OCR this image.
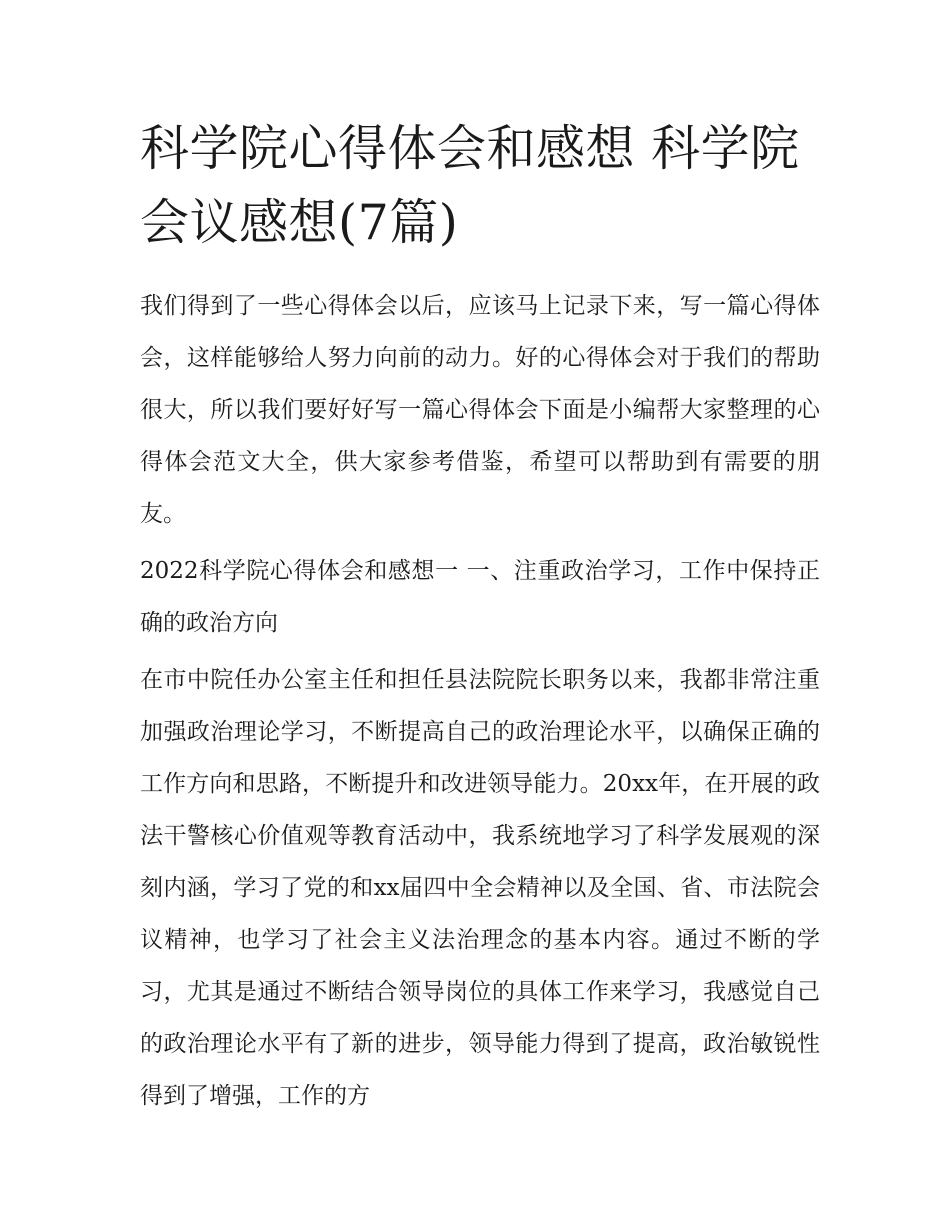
科学院心得体会和感想 科学院会议感想(7篇)

我们得到了一些心得体会以后，应该马上记录下来，写一篇心得体会，这样能够给人努力向前的动力。好的心得体会对于我们的帮助很大，所以我们要好好写一篇心得体会下面是小编帮大家整理的心得体会范文大全，供大家参考借鉴，希望可以帮助到有需要的朋友。

2022科学院心得体会和感想一 一、注重政治学习，工作中保持正确的政治方向

在市中院任办公室主任和担任县法院院长职务以来，我都非常注重加强政治理论学习，不断提高自己的政治理论水平，以确保正确的工作方向和思路，不断提升和改进领导能力。20xx年，在开展的政法干警核心价值观等教育活动中，我系统地学习了科学发展观的深刻内涵，学习了党的和xx届四中全会精神以及全国、省、市法院会议精神，也学习了社会主义法治理念的基本内容。通过不断的学习，尤其是通过不断结合领导岗位的具体工作来学习，我感觉自己的政治理论水平有了新的进步，领导能力得到了提高，政治敏锐性得到了增强，工作的方
